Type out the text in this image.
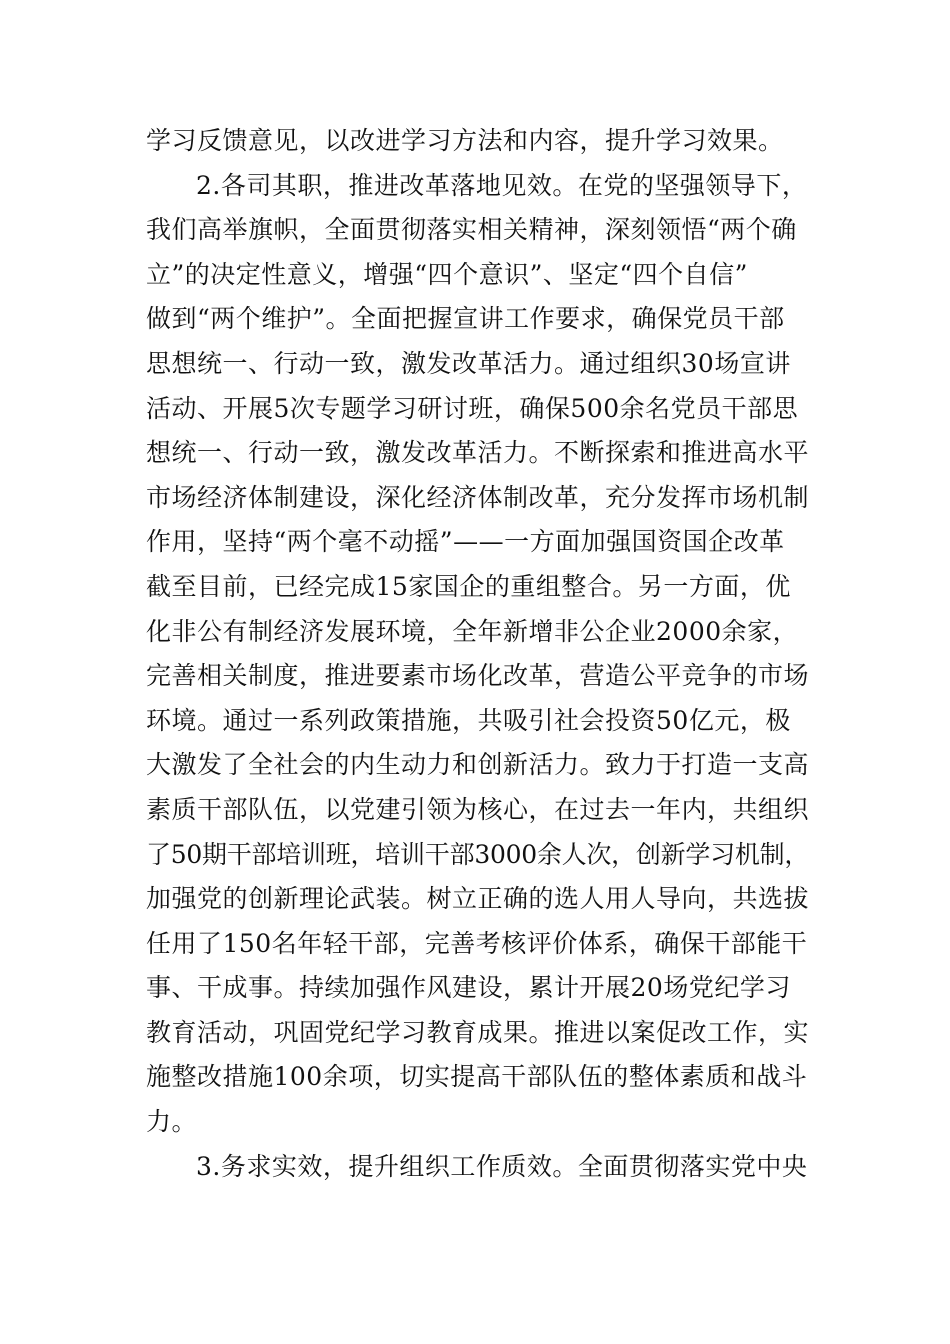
学习反馈意见，以改进学习方法和内容，提升学习效果。
2.各司其职，推进改革落地见效。在党的坚强领导下，
我们高举旗帜，全面贯彻落实相关精神，深刻领悟“两个确
立”的决定性意义，增强“四个意识”、坚定“四个自信”
做到“两个维护”。全面把握宣讲工作要求，确保党员干部
思想统一、行动一致，激发改革活力。通过组织30场宣讲
活动、开展5次专题学习研讨班，确保500余名党员干部思
想统一、行动一致，激发改革活力。不断探索和推进高水平
市场经济体制建设，深化经济体制改革，充分发挥市场机制
作用，坚持“两个毫不动摇”——一方面加强国资国企改革
截至目前，已经完成15家国企的重组整合。另一方面，优
化非公有制经济发展环境，全年新增非公企业2000余家，
完善相关制度，推进要素市场化改革，营造公平竞争的市场
环境。通过一系列政策措施，共吸引社会投资50亿元，极
大激发了全社会的内生动力和创新活力。致力于打造一支高
素质干部队伍，以党建引领为核心，在过去一年内，共组织
了50期干部培训班，培训干部3000余人次，创新学习机制，
加强党的创新理论武装。树立正确的选人用人导向，共选拔
任用了150名年轻干部，完善考核评价体系，确保干部能干
事、干成事。持续加强作风建设，累计开展20场党纪学习
教育活动，巩固党纪学习教育成果。推进以案促改工作，实
施整改措施100余项，切实提高干部队伍的整体素质和战斗
力。
3.务求实效，提升组织工作质效。全面贯彻落实党中央
